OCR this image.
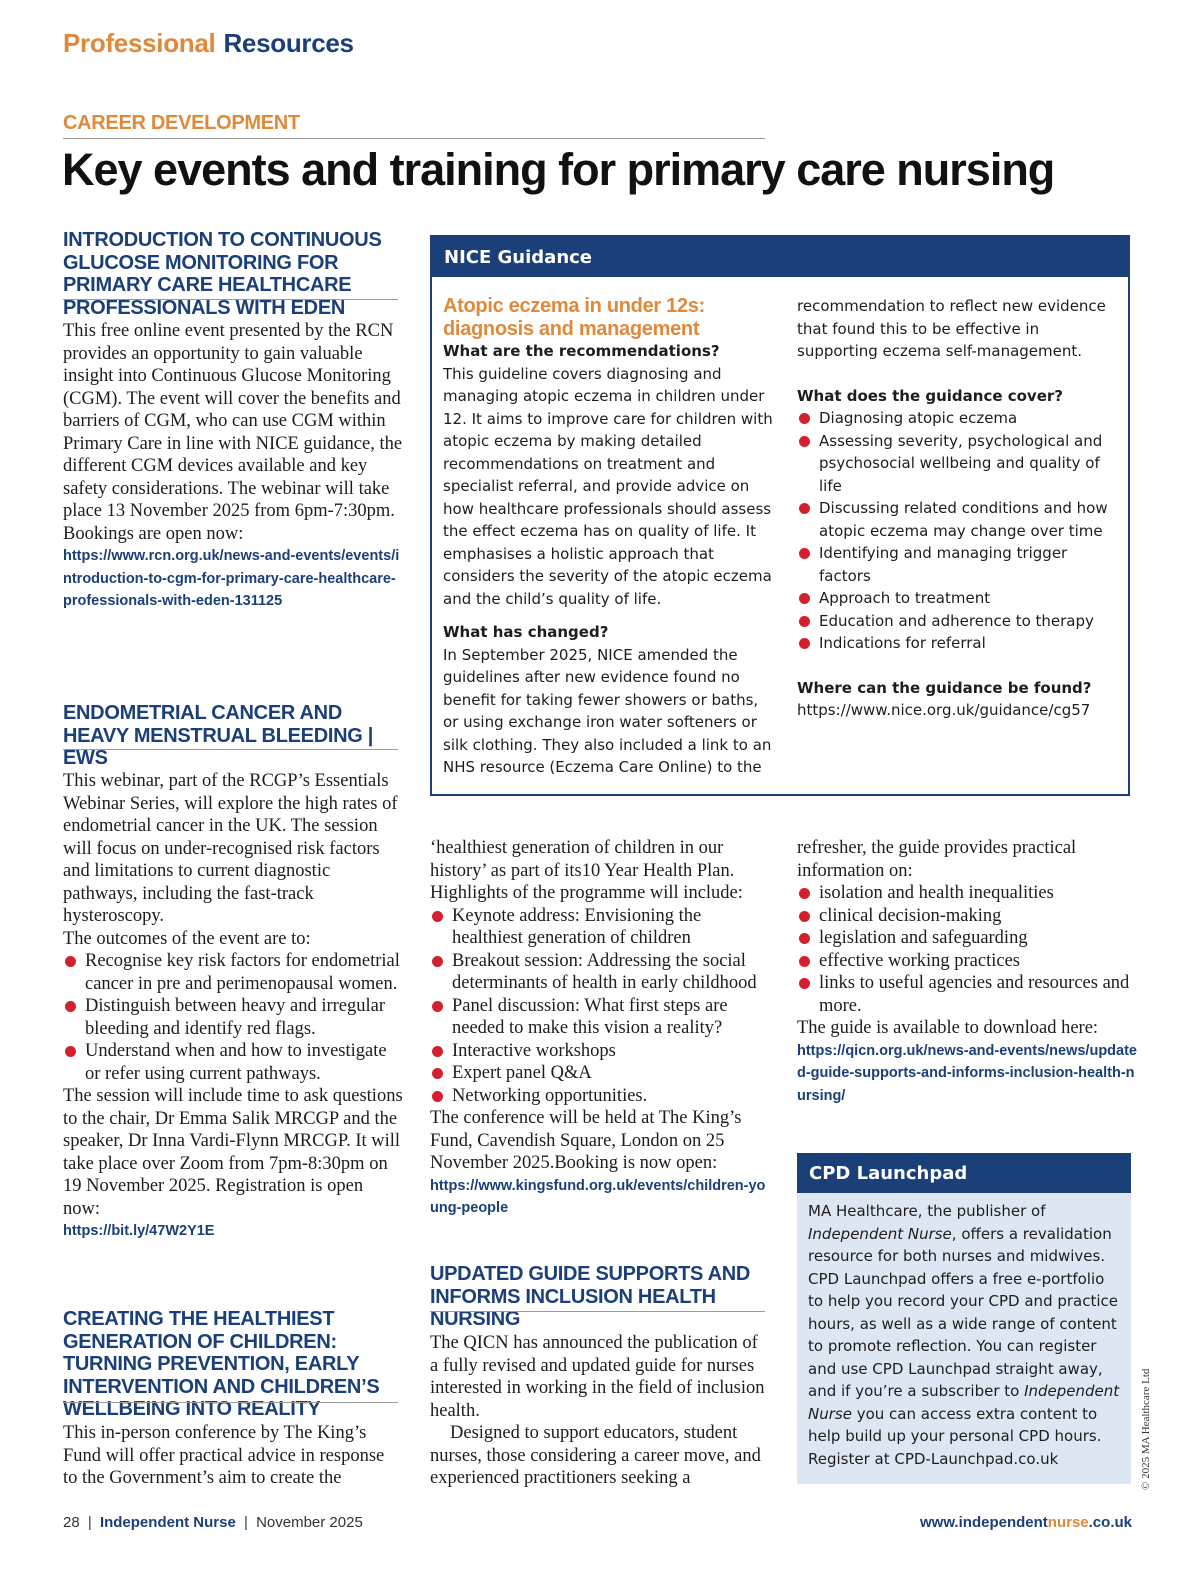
Professional Resources
CAREER DEVELOPMENT
Key events and training for primary care nursing
INTRODUCTION TO CONTINUOUS GLUCOSE MONITORING FOR PRIMARY CARE HEALTHCARE PROFESSIONALS WITH EDEN
This free online event presented by the RCN provides an opportunity to gain valuable insight into Continuous Glucose Monitoring (CGM). The event will cover the benefits and barriers of CGM, who can use CGM within Primary Care in line with NICE guidance, the different CGM devices available and key safety considerations. The webinar will take place 13 November 2025 from 6pm-7:30pm. Bookings are open now:
https://www.rcn.org.uk/news-and-events/events/introduction-to-cgm-for-primary-care-healthcare-professionals-with-eden-131125
ENDOMETRIAL CANCER AND HEAVY MENSTRUAL BLEEDING | EWS
This webinar, part of the RCGP’s Essentials Webinar Series, will explore the high rates of endometrial cancer in the UK. The session will focus on under-recognised risk factors and limitations to current diagnostic pathways, including the fast-track hysteroscopy.
The outcomes of the event are to:
Recognise key risk factors for endometrial cancer in pre and perimenopausal women.
Distinguish between heavy and irregular bleeding and identify red flags.
Understand when and how to investigate or refer using current pathways.
The session will include time to ask questions to the chair, Dr Emma Salik MRCGP and the speaker, Dr Inna Vardi-Flynn MRCGP. It will take place over Zoom from 7pm-8:30pm on 19 November 2025. Registration is open now:
https://bit.ly/47W2Y1E
CREATING THE HEALTHIEST GENERATION OF CHILDREN: TURNING PREVENTION, EARLY INTERVENTION AND CHILDREN’S WELLBEING INTO REALITY
This in-person conference by The King’s Fund will offer practical advice in response to the Government’s aim to create the
NICE Guidance
Atopic eczema in under 12s: diagnosis and management
What are the recommendations?
This guideline covers diagnosing and managing atopic eczema in children under 12. It aims to improve care for children with atopic eczema by making detailed recommendations on treatment and specialist referral, and provide advice on how healthcare professionals should assess the effect eczema has on quality of life. It emphasises a holistic approach that considers the severity of the atopic eczema and the child’s quality of life.
What has changed?
In September 2025, NICE amended the guidelines after new evidence found no benefit for taking fewer showers or baths, or using exchange iron water softeners or silk clothing. They also included a link to an NHS resource (Eczema Care Online) to the
recommendation to reflect new evidence that found this to be effective in supporting eczema self-management.
What does the guidance cover?
Diagnosing atopic eczema
Assessing severity, psychological and psychosocial wellbeing and quality of life
Discussing related conditions and how atopic eczema may change over time
Identifying and managing trigger factors
Approach to treatment
Education and adherence to therapy
Indications for referral
Where can the guidance be found?
https://www.nice.org.uk/guidance/cg57
‘healthiest generation of children in our history’ as part of its10 Year Health Plan.
Highlights of the programme will include:
Keynote address: Envisioning the healthiest generation of children
Breakout session: Addressing the social determinants of health in early childhood
Panel discussion: What first steps are needed to make this vision a reality?
Interactive workshops
Expert panel Q&A
Networking opportunities.
The conference will be held at The King’s Fund, Cavendish Square, London on 25 November 2025.Booking is now open:
https://www.kingsfund.org.uk/events/children-young-people
UPDATED GUIDE SUPPORTS AND INFORMS INCLUSION HEALTH NURSING
The QICN has announced the publication of a fully revised and updated guide for nurses interested in working in the field of inclusion health.
Designed to support educators, student nurses, those considering a career move, and experienced practitioners seeking a
refresher, the guide provides practical information on:
isolation and health inequalities
clinical decision-making
legislation and safeguarding
effective working practices
links to useful agencies and resources and more.
The guide is available to download here:
https://qicn.org.uk/news-and-events/news/updated-guide-supports-and-informs-inclusion-health-nursing/
CPD Launchpad
MA Healthcare, the publisher of Independent Nurse, offers a revalidation resource for both nurses and midwives. CPD Launchpad offers a free e-portfolio to help you record your CPD and practice hours, as well as a wide range of content to promote reflection. You can register and use CPD Launchpad straight away, and if you’re a subscriber to Independent Nurse you can access extra content to help build up your personal CPD hours. Register at CPD-Launchpad.co.uk	© 2025 MA Healthcare Ltd
28 | Independent Nurse | November 2025	www.independentnurse.co.uk
